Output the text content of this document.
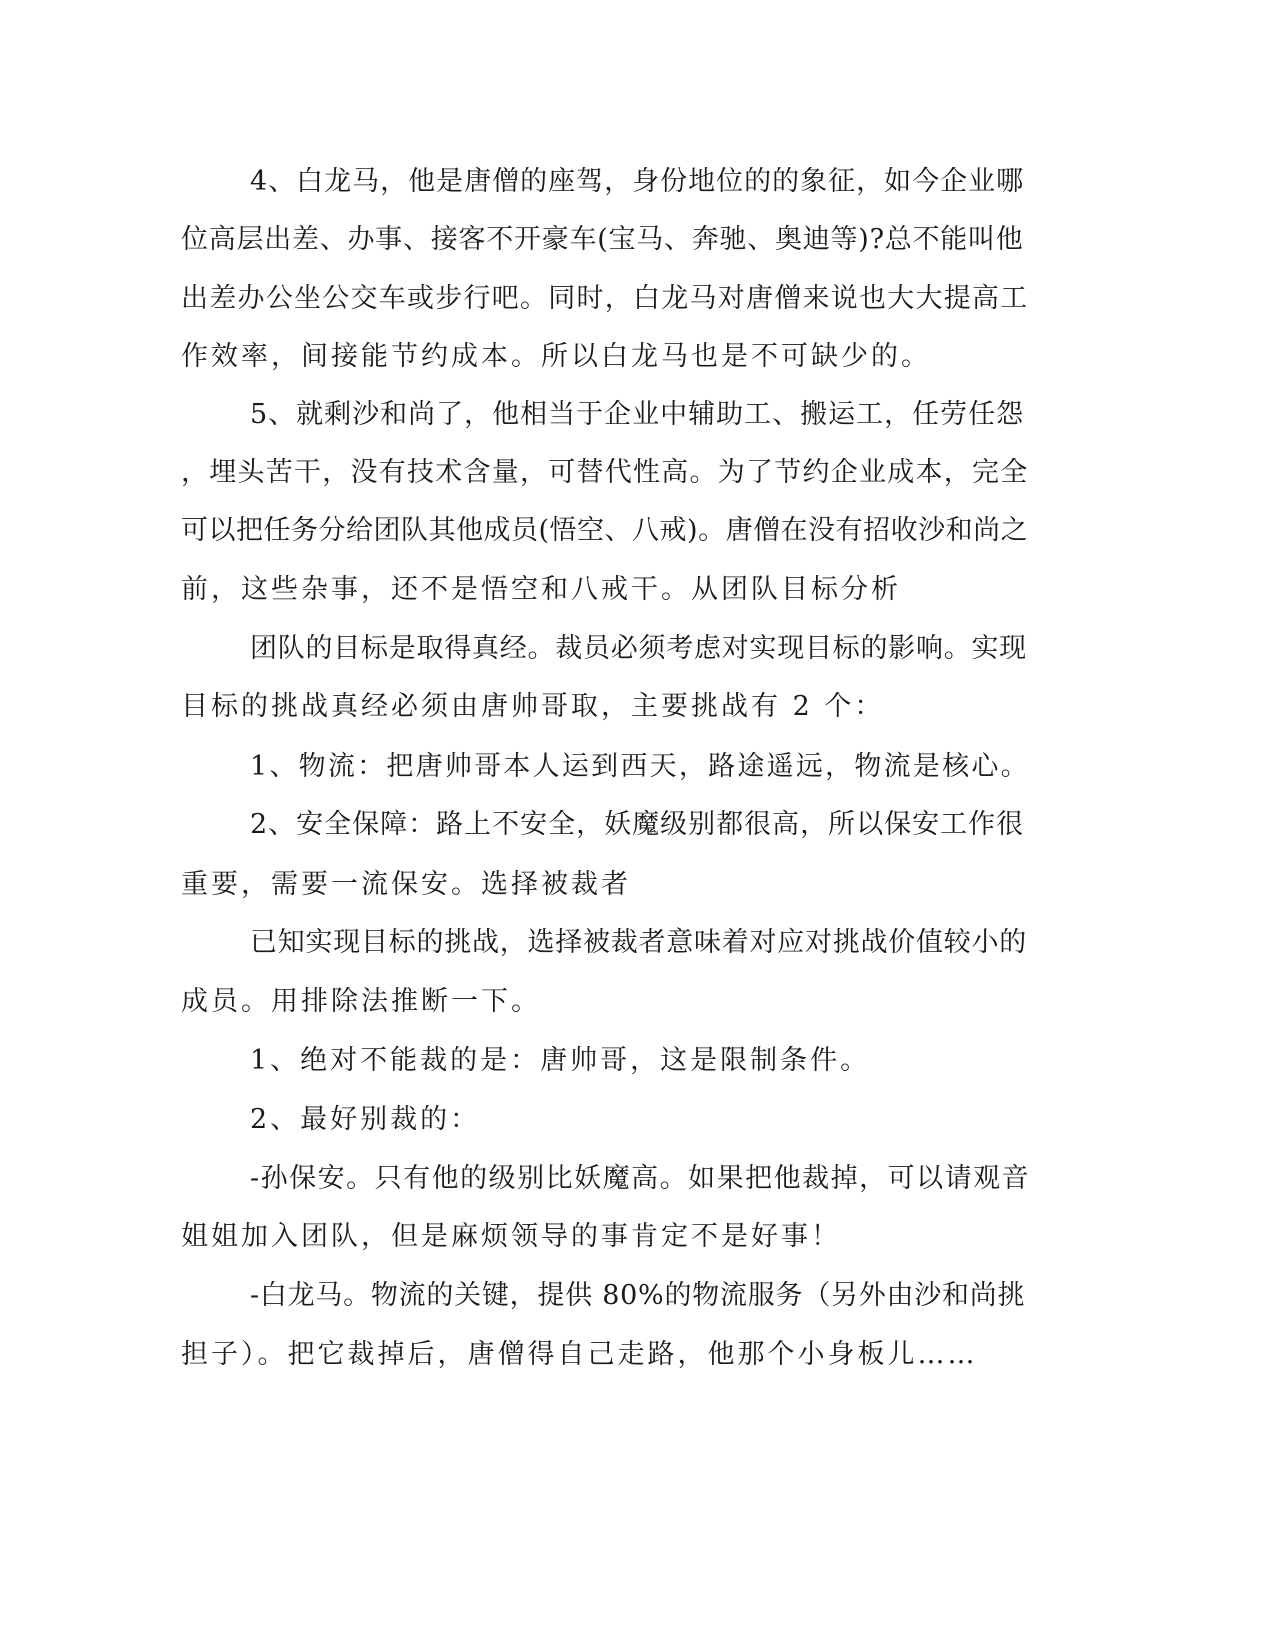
4、白龙马，他是唐僧的座驾，身份地位的的象征，如今企业哪
位高层出差、办事、接客不开豪车(宝马、奔驰、奥迪等)?总不能叫他
出差办公坐公交车或步行吧。同时，白龙马对唐僧来说也大大提高工
作效率，间接能节约成本。所以白龙马也是不可缺少的。
5、就剩沙和尚了，他相当于企业中辅助工、搬运工，任劳任怨
，埋头苦干，没有技术含量，可替代性高。为了节约企业成本，完全
可以把任务分给团队其他成员(悟空、八戒)。唐僧在没有招收沙和尚之
前，这些杂事，还不是悟空和八戒干。从团队目标分析
团队的目标是取得真经。裁员必须考虑对实现目标的影响。实现
目标的挑战真经必须由唐帅哥取，主要挑战有 2 个：
1、物流：把唐帅哥本人运到西天，路途遥远，物流是核心。
2、安全保障：路上不安全，妖魔级别都很高，所以保安工作很
重要，需要一流保安。选择被裁者
已知实现目标的挑战，选择被裁者意味着对应对挑战价值较小的
成员。用排除法推断一下。
1、绝对不能裁的是：唐帅哥，这是限制条件。
2、最好别裁的：
-孙保安。只有他的级别比妖魔高。如果把他裁掉，可以请观音
姐姐加入团队，但是麻烦领导的事肯定不是好事！
-白龙马。物流的关键，提供 80%的物流服务（另外由沙和尚挑
担子）。把它裁掉后，唐僧得自己走路，他那个小身板儿……
